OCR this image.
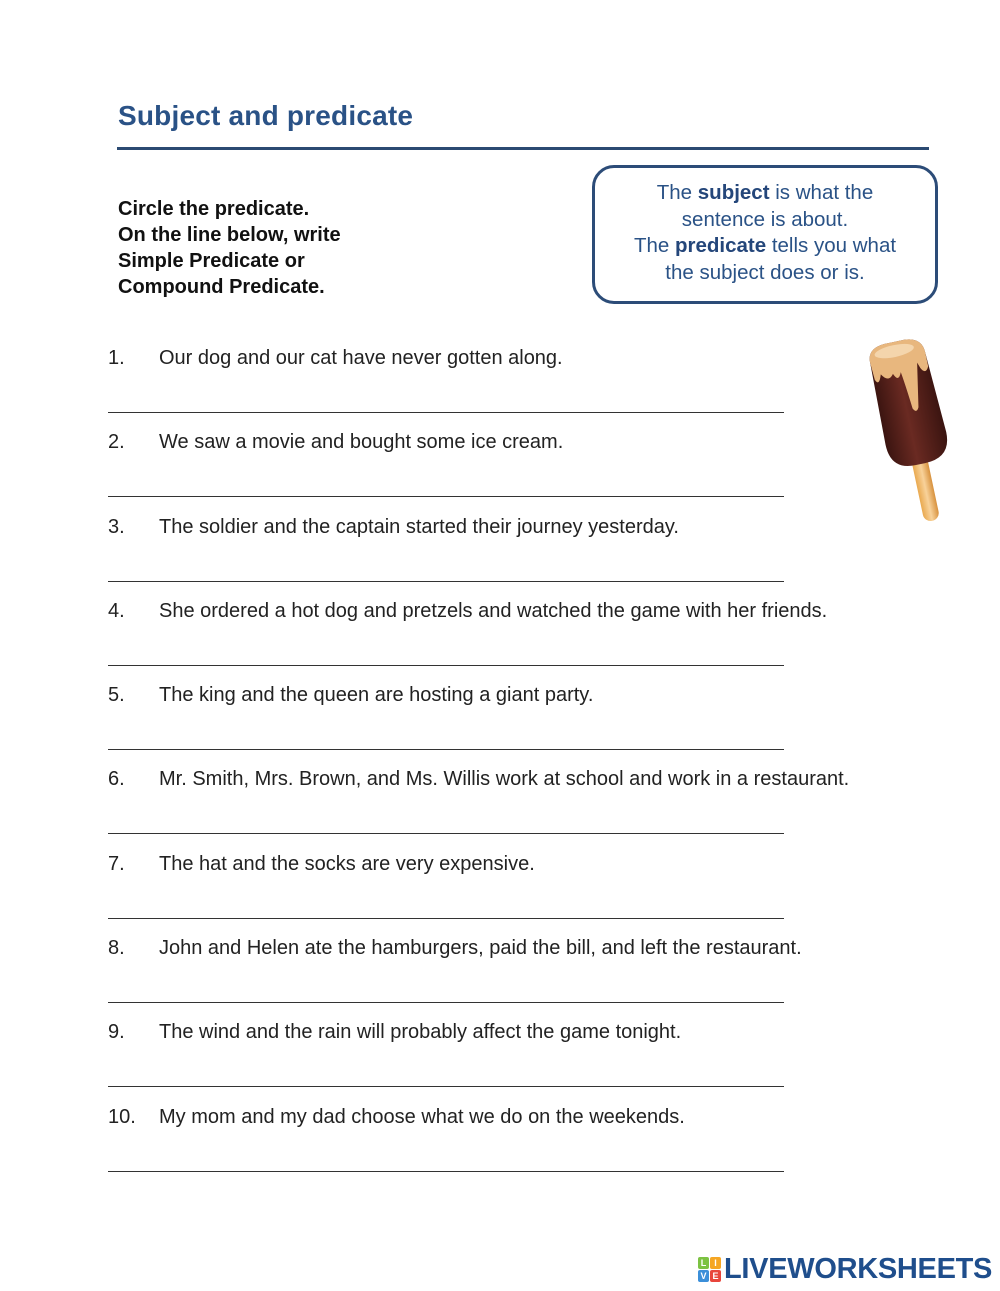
Subject and predicate
Circle the predicate.
On the line below, write
Simple Predicate or
Compound Predicate.
The subject is what the
sentence is about.
The predicate tells you what
the subject does or is.
1. Our dog and our cat have never gotten along.
2. We saw a movie and bought some ice cream.
3. The soldier and the captain started their journey yesterday.
4. She ordered a hot dog and pretzels and watched the game with her friends.
5. The king and the queen are hosting a giant party.
6. Mr. Smith, Mrs. Brown, and Ms. Willis work at school and work in a restaurant.
7. The hat and the socks are very expensive.
8. John and Helen ate the hamburgers, paid the bill, and left the restaurant.
9. The wind and the rain will probably affect the game tonight.
10. My mom and my dad choose what we do on the weekends.
L I
V E LIVEWORKSHEETS
